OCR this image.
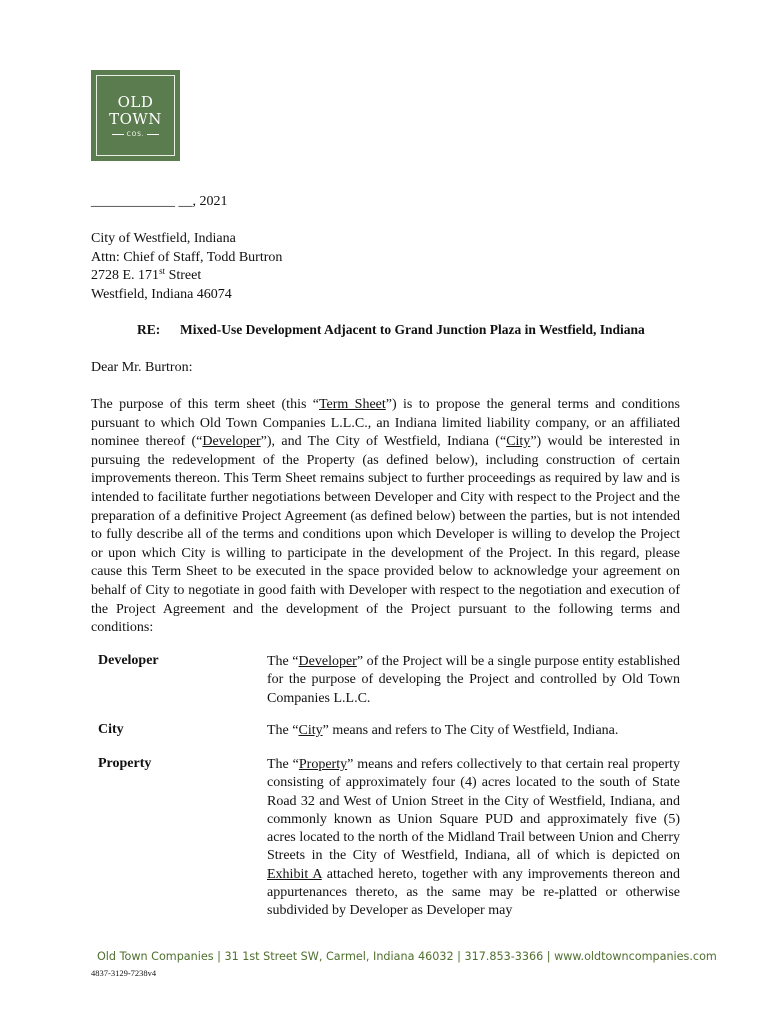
OLD
TOWN
COS.
____________ __, 2021
City of Westfield, Indiana
Attn: Chief of Staff, Todd Burtron
2728 E. 171st Street
Westfield, Indiana 46074
RE: Mixed-Use Development Adjacent to Grand Junction Plaza in Westfield, Indiana
Dear Mr. Burtron:
The purpose of this term sheet (this “Term Sheet”) is to propose the general terms and conditions pursuant to which Old Town Companies L.L.C., an Indiana limited liability company, or an affiliated nominee thereof (“Developer”), and The City of Westfield, Indiana (“City”) would be interested in pursuing the redevelopment of the Property (as defined below), including construction of certain improvements thereon. This Term Sheet remains subject to further proceedings as required by law and is intended to facilitate further negotiations between Developer and City with respect to the Project and the preparation of a definitive Project Agreement (as defined below) between the parties, but is not intended to fully describe all of the terms and conditions upon which Developer is willing to develop the Project or upon which City is willing to participate in the development of the Project. In this regard, please cause this Term Sheet to be executed in the space provided below to acknowledge your agreement on behalf of City to negotiate in good faith with Developer with respect to the negotiation and execution of the Project Agreement and the development of the Project pursuant to the following terms and conditions:
Developer	The “Developer” of the Project will be a single purpose entity established for the purpose of developing the Project and controlled by Old Town Companies L.L.C.
City	The “City” means and refers to The City of Westfield, Indiana.
Property	The “Property” means and refers collectively to that certain real property consisting of approximately four (4) acres located to the south of State Road 32 and West of Union Street in the City of Westfield, Indiana, and commonly known as Union Square PUD and approximately five (5) acres located to the north of the Midland Trail between Union and Cherry Streets in the City of Westfield, Indiana, all of which is depicted on Exhibit A attached hereto, together with any improvements thereon and appurtenances thereto, as the same may be re-platted or otherwise subdivided by Developer as Developer may
Old Town Companies | 31 1st Street SW, Carmel, Indiana 46032 | 317.853-3366 | www.oldtowncompanies.com
4837-3129-7238v4
